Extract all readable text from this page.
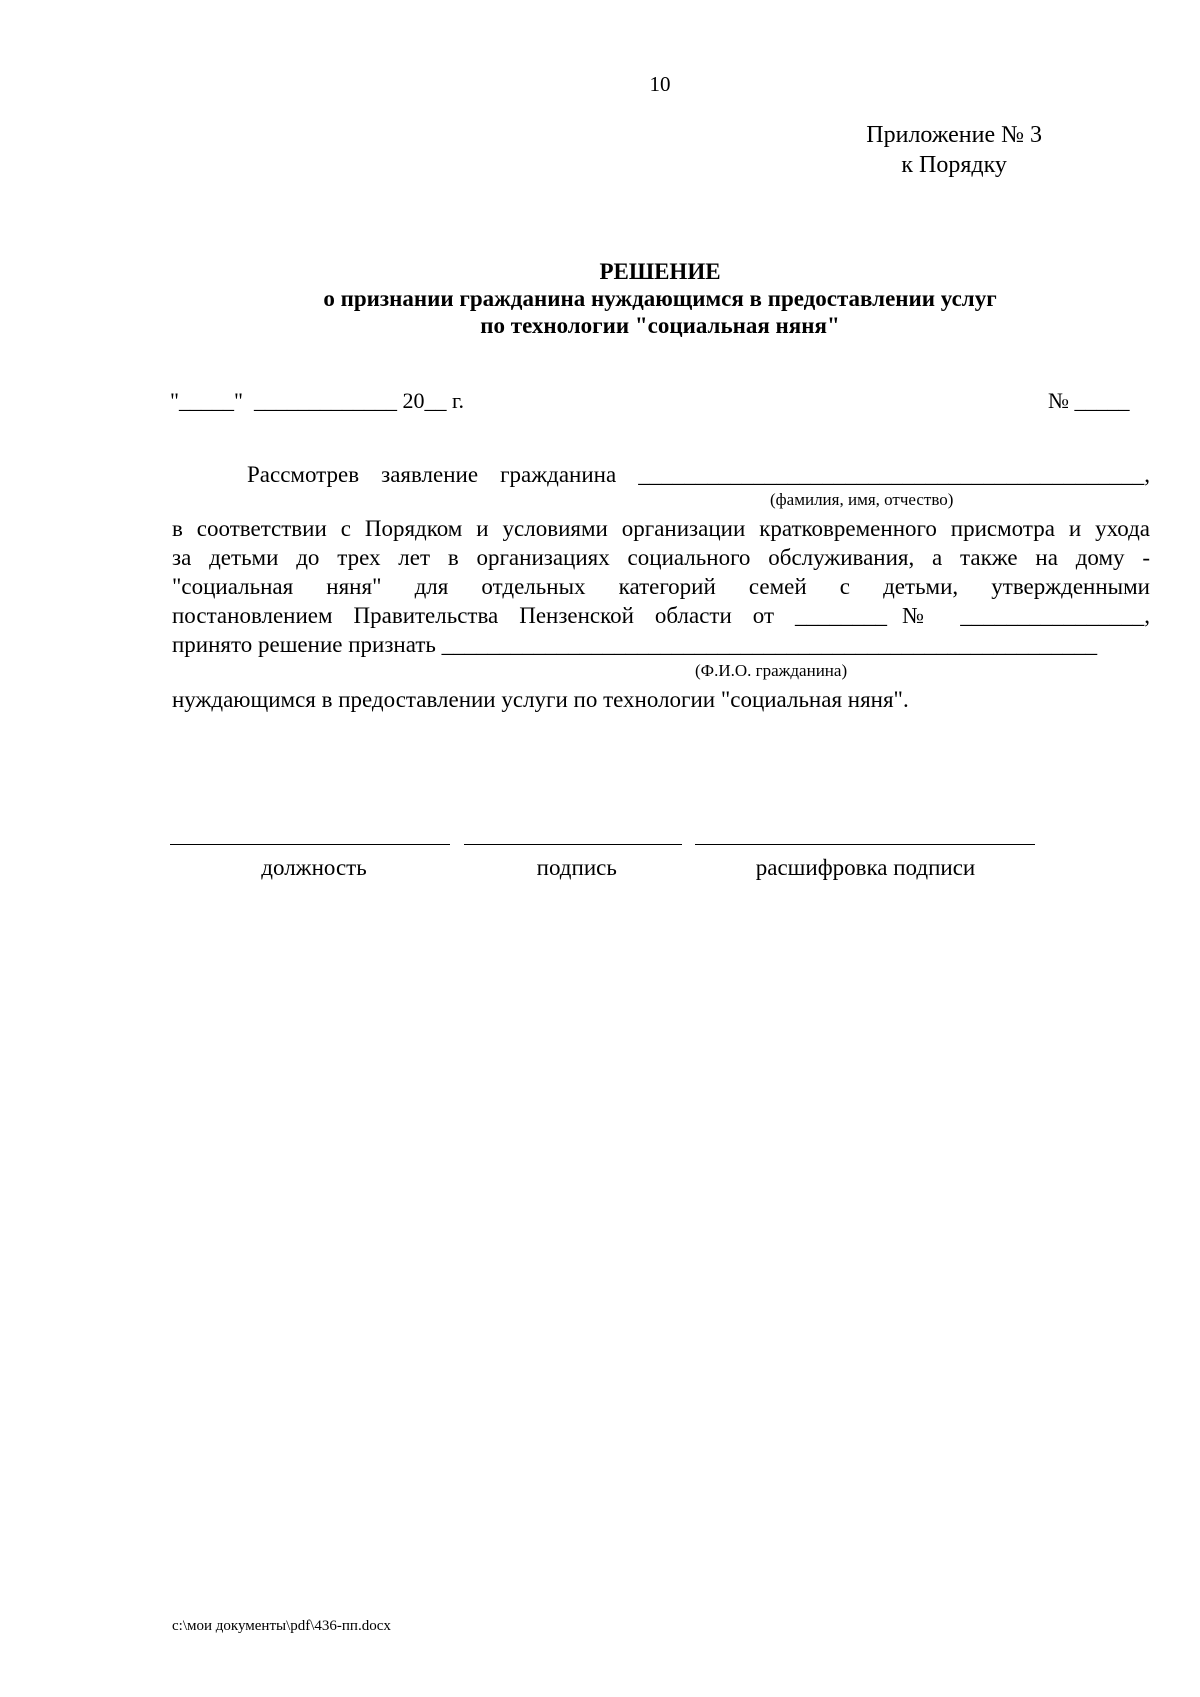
10
Приложение № 3
к Порядку
РЕШЕНИЕ
о признании гражданина нуждающимся в предоставлении услуг
по технологии "социальная няня"
"_____"  _____________ 20__ г.	№ _____
Рассмотрев заявление гражданина ____________________________________________,
(фамилия, имя, отчество)
в соответствии с Порядком и условиями организации кратковременного присмотра и ухода
за детьми до трех лет в организациях социального обслуживания, а также на дому -
"социальная няня" для отдельных категорий семей с детьми, утвержденными
постановлением Правительства Пензенской области от ________№ ________________,
принято решение признать _________________________________________________________
(Ф.И.О. гражданина)
нуждающимся в предоставлении услуги по технологии "социальная няня".

должность	подпись	расшифровка подписи
c:\мои документы\pdf\436-пп.docx
